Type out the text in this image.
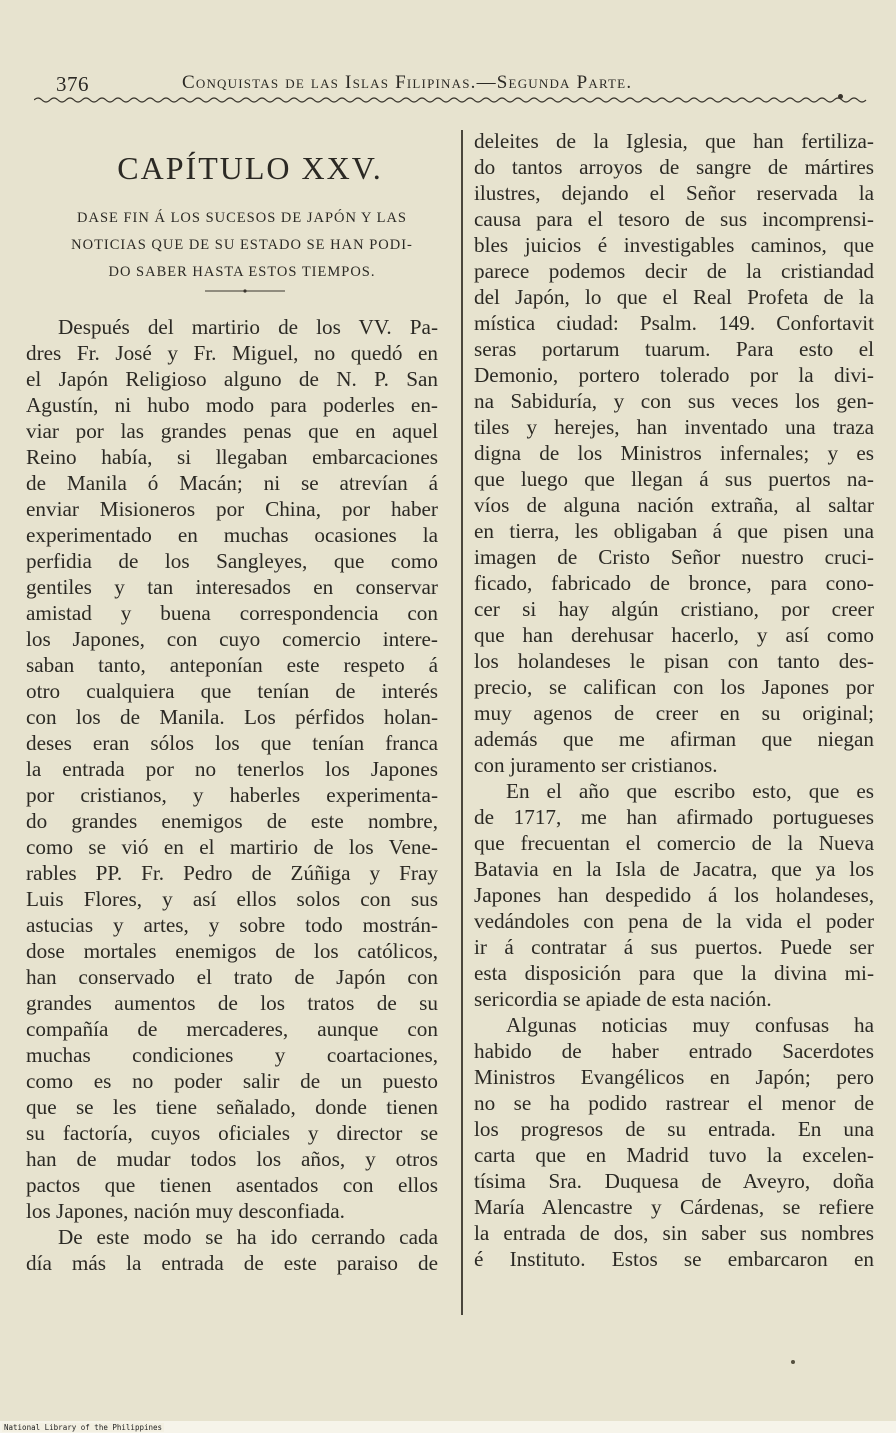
376	Conquistas de las Islas Filipinas.—Segunda Parte.
CAPÍTULO XXV.
DASE FIN Á LOS SUCESOS DE JAPÓN Y LAS
NOTICIAS QUE DE SU ESTADO SE HAN PODI-
DO SABER HASTA ESTOS TIEMPOS.
Después del martirio de los VV. Pa-
dres Fr. José y Fr. Miguel, no quedó en
el Japón Religioso alguno de N. P. San
Agustín, ni hubo modo para poderles en-
viar por las grandes penas que en aquel
Reino había, si llegaban embarcaciones
de Manila ó Macán; ni se atrevían á
enviar Misioneros por China, por haber
experimentado en muchas ocasiones la
perfidia de los Sangleyes, que como
gentiles y tan interesados en conservar
amistad y buena correspondencia con
los Japones, con cuyo comercio intere-
saban tanto, anteponían este respeto á
otro cualquiera que tenían de interés
con los de Manila. Los pérfidos holan-
deses eran sólos los que tenían franca
la entrada por no tenerlos los Japones
por cristianos, y haberles experimenta-
do grandes enemigos de este nombre,
como se vió en el martirio de los Vene-
rables PP. Fr. Pedro de Zúñiga y Fray
Luis Flores, y así ellos solos con sus
astucias y artes, y sobre todo mostrán-
dose mortales enemigos de los católicos,
han conservado el trato de Japón con
grandes aumentos de los tratos de su
compañía de mercaderes, aunque con
muchas condiciones y coartaciones,
como es no poder salir de un puesto
que se les tiene señalado, donde tienen
su factoría, cuyos oficiales y director se
han de mudar todos los años, y otros
pactos que tienen asentados con ellos
los Japones, nación muy desconfiada.
De este modo se ha ido cerrando cada
día más la entrada de este paraiso de
deleites de la Iglesia, que han fertiliza-
do tantos arroyos de sangre de mártires
ilustres, dejando el Señor reservada la
causa para el tesoro de sus incomprensi-
bles juicios é investigables caminos, que
parece podemos decir de la cristiandad
del Japón, lo que el Real Profeta de la
mística ciudad: Psalm. 149. Confortavit
seras portarum tuarum. Para esto el
Demonio, portero tolerado por la divi-
na Sabiduría, y con sus veces los gen-
tiles y herejes, han inventado una traza
digna de los Ministros infernales; y es
que luego que llegan á sus puertos na-
víos de alguna nación extraña, al saltar
en tierra, les obligaban á que pisen una
imagen de Cristo Señor nuestro cruci-
ficado, fabricado de bronce, para cono-
cer si hay algún cristiano, por creer
que han derehusar hacerlo, y así como
los holandeses le pisan con tanto des-
precio, se califican con los Japones por
muy agenos de creer en su original;
además que me afirman que niegan
con juramento ser cristianos.
En el año que escribo esto, que es
de 1717, me han afirmado portugueses
que frecuentan el comercio de la Nueva
Batavia en la Isla de Jacatra, que ya los
Japones han despedido á los holandeses,
vedándoles con pena de la vida el poder
ir á contratar á sus puertos. Puede ser
esta disposición para que la divina mi-
sericordia se apiade de esta nación.
Algunas noticias muy confusas ha
habido de haber entrado Sacerdotes
Ministros Evangélicos en Japón; pero
no se ha podido rastrear el menor de
los progresos de su entrada. En una
carta que en Madrid tuvo la excelen-
tísima Sra. Duquesa de Aveyro, doña
María Alencastre y Cárdenas, se refiere
la entrada de dos, sin saber sus nombres
é Instituto. Estos se embarcaron en
National Library of the Philippines
